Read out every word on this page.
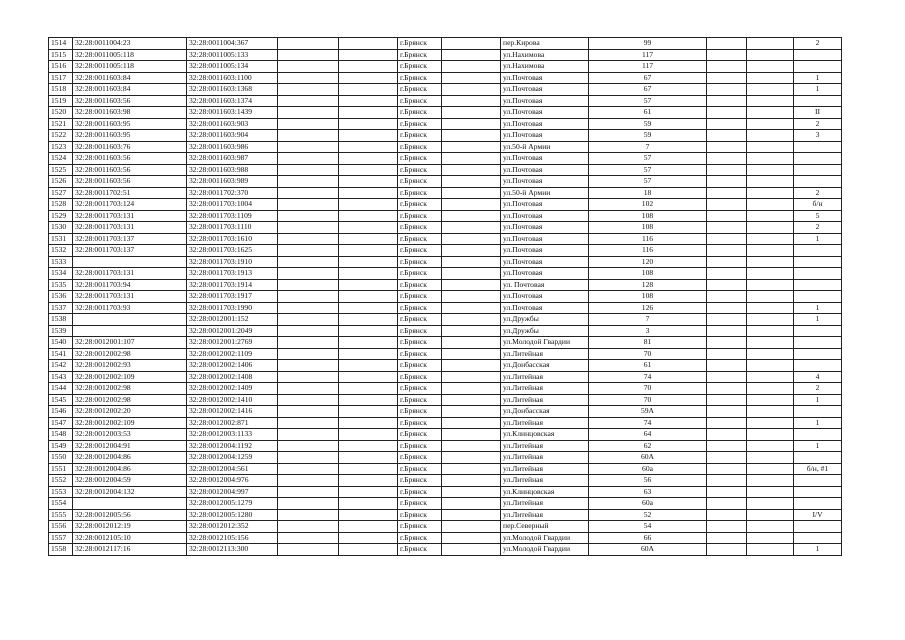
1514	32:28:0011004:23	32:28:0011004:367			г.Брянск		пер.Кирова	99			2
1515	32:28:0011005:118	32:28:0011005:133			г.Брянск		ул.Нахимова	117			
1516	32:28:0011005:118	32:28:0011005:134			г.Брянск		ул.Нахимова	117			
1517	32:28:0011603:84	32:28:0011603:1100			г.Брянск		ул.Почтовая	67			1
1518	32:28:0011603:84	32:28:0011603:1368			г.Брянск		ул.Почтовая	67			1
1519	32:28:0011603:56	32:28:0011603:1374			г.Брянск		ул.Почтовая	57			
1520	32:28:0011603:98	32:28:0011603:1439			г.Брянск		ул.Почтовая	61			II
1521	32:28:0011603:95	32:28:0011603:903			г.Брянск		ул.Почтовая	59			2
1522	32:28:0011603:95	32:28:0011603:904			г.Брянск		ул.Почтовая	59			3
1523	32:28:0011603:76	32:28:0011603:986			г.Брянск		ул.50-й Армии	7			
1524	32:28:0011603:56	32:28:0011603:987			г.Брянск		ул.Почтовая	57			
1525	32:28:0011603:56	32:28:0011603:988			г.Брянск		ул.Почтовая	57			
1526	32:28:0011603:56	32:28:0011603:989			г.Брянск		ул.Почтовая	57			
1527	32:28:0011702:51	32:28:0011702:370			г.Брянск		ул.50-й Армии	18			2
1528	32:28:0011703:124	32:28:0011703:1004			г.Брянск		ул.Почтовая	102			б/н
1529	32:28:0011703:131	32:28:0011703:1109			г.Брянск		ул.Почтовая	108			5
1530	32:28:0011703:131	32:28:0011703:1110			г.Брянск		ул.Почтовая	108			2
1531	32:28:0011703:137	32:28:0011703:1610			г.Брянск		ул.Почтовая	116			1
1532	32:28:0011703:137	32:28:0011703:1625			г.Брянск		ул.Почтовая	116			
1533		32:28:0011703:1910			г.Брянск		ул.Почтовая	120			
1534	32:28:0011703:131	32:28:0011703:1913			г.Брянск		ул.Почтовая	108			
1535	32:28:0011703:94	32:28:0011703:1914			г.Брянск		ул. Почтовая	128			
1536	32:28:0011703:131	32:28:0011703:1917			г.Брянск		ул.Почтовая	108			
1537	32:28:0011703:93	32:28:0011703:1990			г.Брянск		ул.Почтовая	126			1
1538		32:28:0012001:152			г.Брянск		ул.Дружбы	7			1
1539		32:28:0012001:2049			г.Брянск		ул.Дружбы	3			
1540	32:28:0012001:107	32:28:0012001:2769			г.Брянск		ул.Молодой Гвардии	81			
1541	32:28:0012002:98	32:28:0012002:1109			г.Брянск		ул.Литейная	70			
1542	32:28:0012002:93	32:28:0012002:1406			г.Брянск		ул.Донбасская	61			
1543	32:28:0012002:109	32:28:0012002:1408			г.Брянск		ул.Литейная	74			4
1544	32:28:0012002:98	32:28:0012002:1409			г.Брянск		ул.Литейная	70			2
1545	32:28:0012002:98	32:28:0012002:1410			г.Брянск		ул.Литейная	70			1
1546	32:28:0012002:20	32:28:0012002:1416			г.Брянск		ул.Донбасская	59А			
1547	32:28:0012002:109	32:28:0012002:871			г.Брянск		ул.Литейная	74			1
1548	32:28:0012003:53	32:28:0012003:1133			г.Брянск		ул.Клинцовская	64			
1549	32:28:0012004:91	32:28:0012004:1192			г.Брянск		ул.Литейная	62			1
1550	32:28:0012004:86	32:28:0012004:1259			г.Брянск		ул.Литейная	60А			
1551	32:28:0012004:86	32:28:0012004:561			г.Брянск		ул.Литейная	60а			б/н, #1
1552	32:28:0012004:59	32:28:0012004:976			г.Брянск		ул.Литейная	56			
1553	32:28:0012004:132	32:28:0012004:997			г.Брянск		ул.Клинцовская	63			
1554		32:28:0012005:1279			г.Брянск		ул.Литейная	60а			
1555	32:28:0012005:56	32:28:0012005:1280			г.Брянск		ул.Литейная	52			I/V
1556	32:28:0012012:19	32:28:0012012:352			г.Брянск		пер.Северный	54			
1557	32:28:0012105:10	32:28:0012105:156			г.Брянск		ул.Молодой Гвардии	66			
1558	32:28:0012117:16	32:28:0012113:300			г.Брянск		ул.Молодой Гвардии	60А			1
